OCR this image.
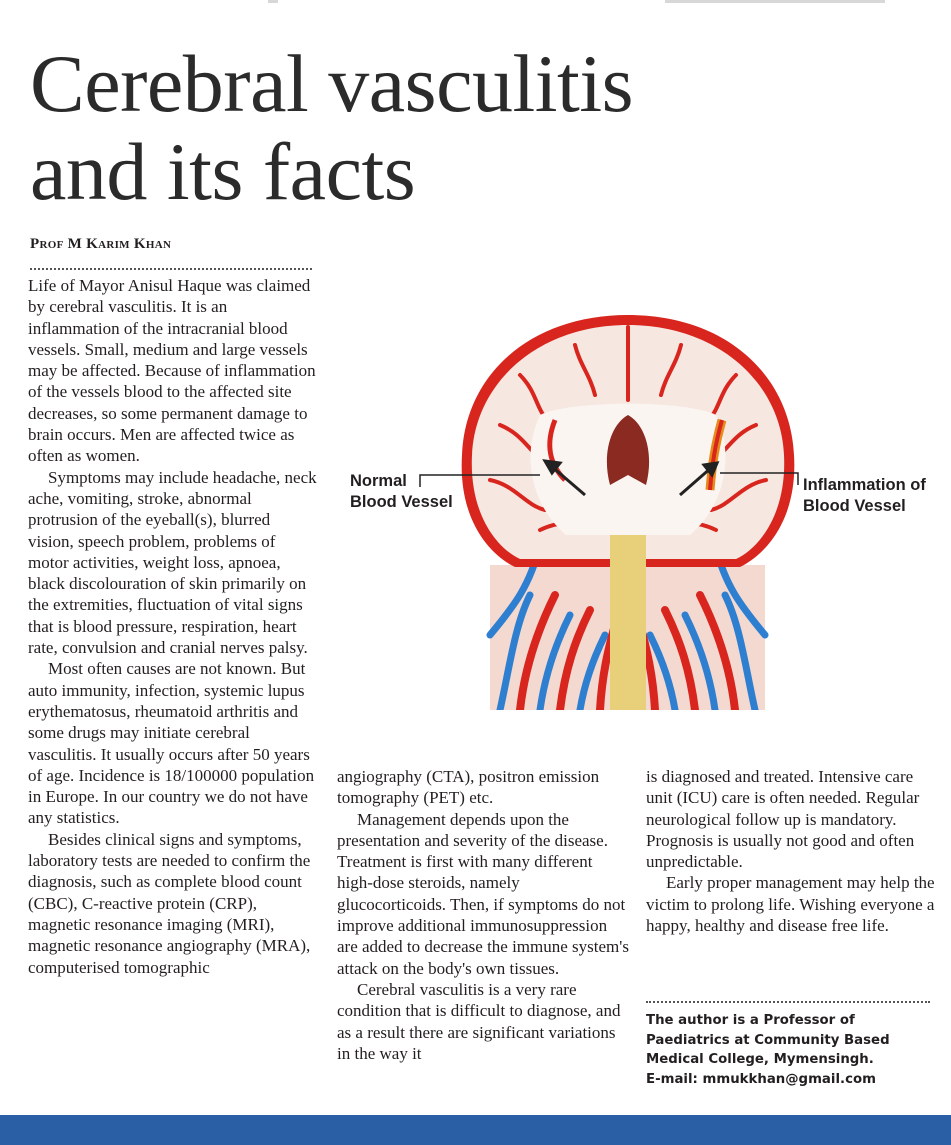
Cerebral vasculitis
and its facts
Prof M Karim Khan

Life of Mayor Anisul Haque was claimed by cerebral vasculitis. It is an inflammation of the intracranial blood vessels. Small, medium and large vessels may be affected. Because of inflammation of the vessels blood to the affected site decreases, so some permanent damage to brain occurs. Men are affected twice as often as women.

Symptoms may include headache, neck ache, vomiting, stroke, abnormal protrusion of the eyeball(s), blurred vision, speech problem, problems of motor activities, weight loss, apnoea, black discolouration of skin primarily on the extremities, fluctuation of vital signs that is blood pressure, respiration, heart rate, convulsion and cranial nerves palsy.

Most often causes are not known. But auto immunity, infection, systemic lupus erythematosus, rheumatoid arthritis and some drugs may initiate cerebral vasculitis. It usually occurs after 50 years of age. Incidence is 18/100000 population in Europe. In our country we do not have any statistics.

Besides clinical signs and symptoms, laboratory tests are needed to confirm the diagnosis, such as complete blood count (CBC), C-reactive protein (CRP), magnetic resonance imaging (MRI), magnetic resonance angiography (MRA), computerised tomographic

Normal
Blood Vessel
Inflammation of
Blood Vessel

angiography (CTA), positron emission tomography (PET) etc.

Management depends upon the presentation and severity of the disease. Treatment is first with many different high-dose steroids, namely glucocorticoids. Then, if symptoms do not improve additional immunosuppression are added to decrease the immune system's attack on the body's own tissues.

Cerebral vasculitis is a very rare condition that is difficult to diagnose, and as a result there are significant variations in the way it

is diagnosed and treated. Intensive care unit (ICU) care is often needed. Regular neurological follow up is mandatory. Prognosis is usually not good and often unpredictable.

Early proper management may help the victim to prolong life. Wishing everyone a happy, healthy and disease free life.

The author is a Professor of
Paediatrics at Community Based
Medical College, Mymensingh.
E-mail: mmukkhan@gmail.com
